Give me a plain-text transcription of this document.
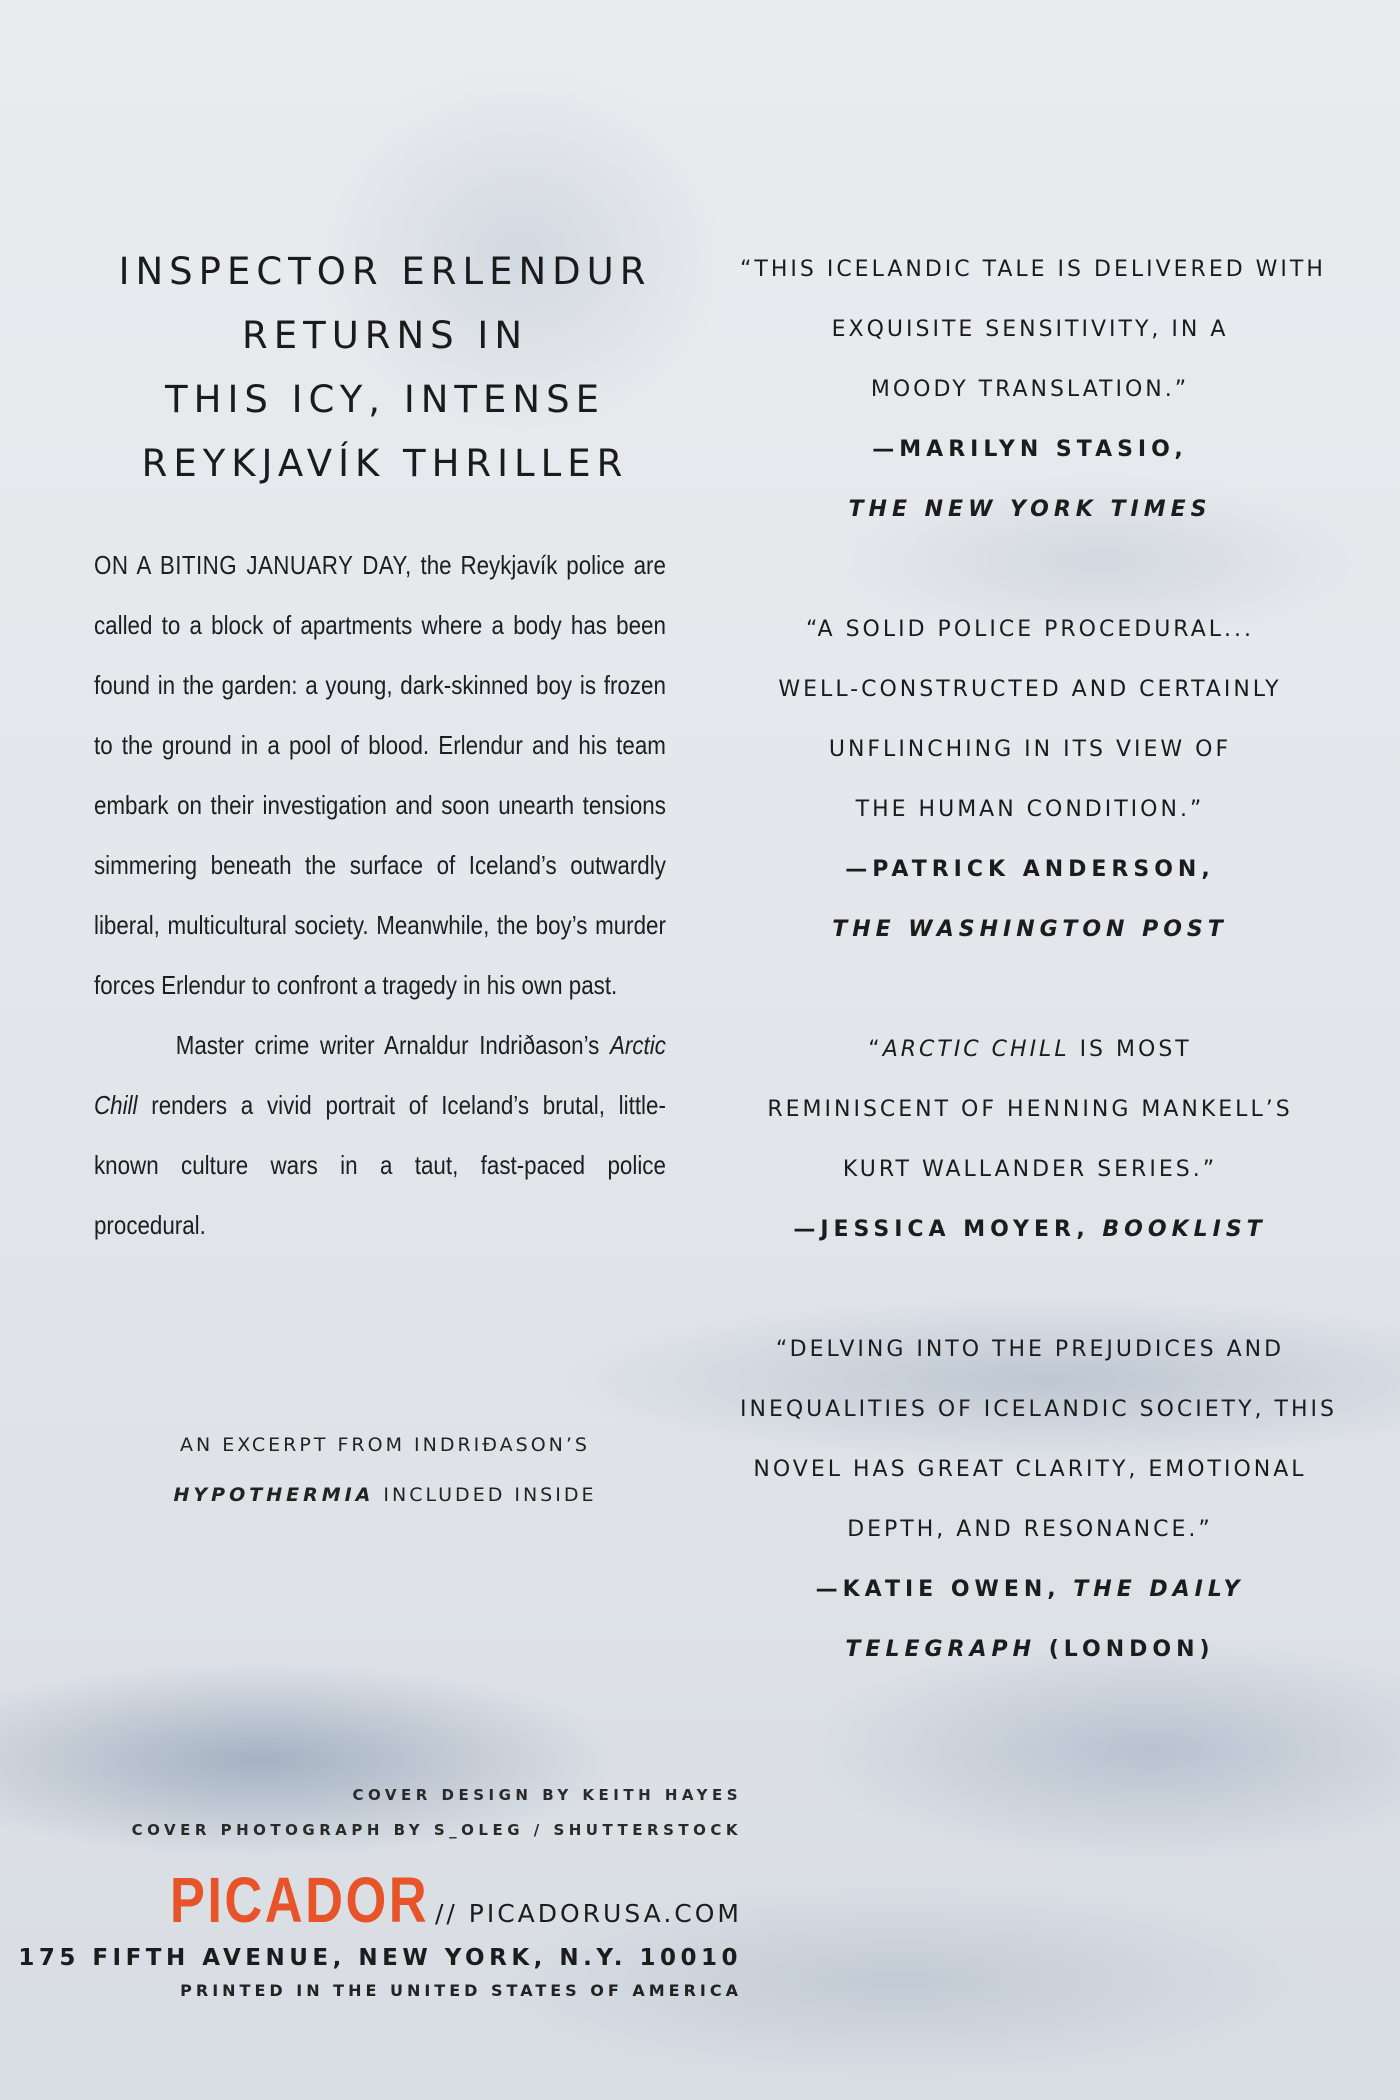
INSPECTOR ERLENDUR
RETURNS IN
THIS ICY, INTENSE
REYKJAVÍK THRILLER

ON A BITING JANUARY DAY, the Reykjavík police are called to a block of apartments where a body has been found in the garden: a young, dark-skinned boy is frozen to the ground in a pool of blood. Erlendur and his team embark on their investigation and soon unearth tensions simmering beneath the surface of Iceland’s outwardly liberal, multicultural society. Meanwhile, the boy’s murder forces Erlendur to confront a tragedy in his own past.

Master crime writer Arnaldur Indriðason’s Arctic Chill renders a vivid portrait of Iceland’s brutal, little-known culture wars in a taut, fast-paced police procedural.

AN EXCERPT FROM INDRIĐASON’S
HYPOTHERMIA INCLUDED INSIDE
“THIS ICELANDIC TALE IS DELIVERED WITH
EXQUISITE SENSITIVITY, IN A
MOODY TRANSLATION.”
—MARILYN STASIO,
THE NEW YORK TIMES
“A SOLID POLICE PROCEDURAL...
WELL-CONSTRUCTED AND CERTAINLY
UNFLINCHING IN ITS VIEW OF
THE HUMAN CONDITION.”
—PATRICK ANDERSON,
THE WASHINGTON POST
“ARCTIC CHILL IS MOST
REMINISCENT OF HENNING MANKELL’S
KURT WALLANDER SERIES.”
—JESSICA MOYER, BOOKLIST
“DELVING INTO THE PREJUDICES AND
INEQUALITIES OF ICELANDIC SOCIETY, THIS
NOVEL HAS GREAT CLARITY, EMOTIONAL
DEPTH, AND RESONANCE.”
—KATIE OWEN, THE DAILY
TELEGRAPH (LONDON)
COVER DESIGN BY KEITH HAYES
COVER PHOTOGRAPH BY S_OLEG / SHUTTERSTOCK
PICADOR // PICADORUSA.COM
175 FIFTH AVENUE, NEW YORK, N.Y. 10010
PRINTED IN THE UNITED STATES OF AMERICA
